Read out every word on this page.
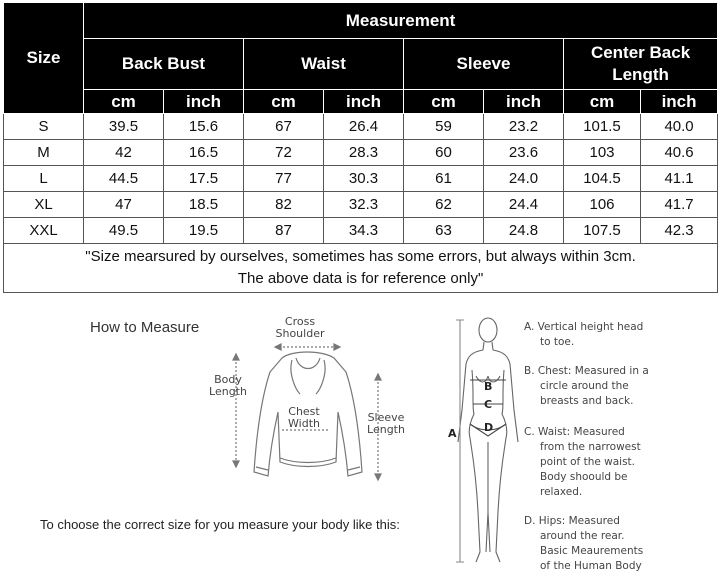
Size	Measurement							
	Back Bust		Waist		Sleeve		Center Back Length	
	cm	inch	cm	inch	cm	inch	cm	inch
S	39.5	15.6	67	26.4	59	23.2	101.5	40.0
M	42	16.5	72	28.3	60	23.6	103	40.6
L	44.5	17.5	77	30.3	61	24.0	104.5	41.1
XL	47	18.5	82	32.3	62	24.4	106	41.7
XXL	49.5	19.5	87	34.3	63	24.8	107.5	42.3
"Size mearsured by ourselves, sometimes has some errors, but always within 3cm.
The above data is for reference only"								
How to Measure	Cross
Shoulder
Body
Length
Chest
Width	Sleeve
Length
To choose the correct size for you measure your body like this:
B
C
D
A
A. Vertical height head
to toe.
B. Chest: Measured in a
circle around the
breasts and back.
C. Waist: Measured
from the narrowest
point of the waist.
Body shoould be
relaxed.
D. Hips: Measured
around the rear.
Basic Meaurements
of the Human Body
